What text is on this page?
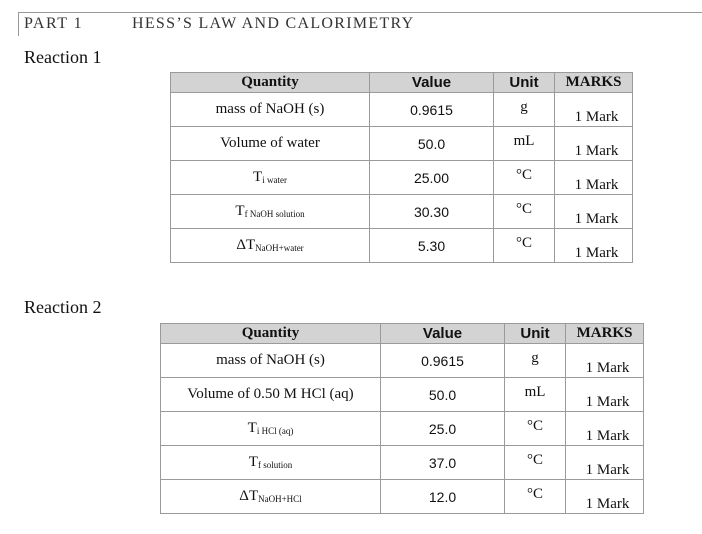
PART 1	HESS’S LAW AND CALORIMETRY
Reaction 1
Quantity	Value	Unit	MARKS
mass of NaOH (s)	0.9615	g	1 Mark
Volume of water	50.0	mL	1 Mark
$T_{i water}$	25.00	°C	1 Mark
$T_{f NaOH solution}$	30.30	°C	1 Mark
$\Delta T_{NaOH+water}$	5.30	°C	1 Mark
Reaction 2
Quantity	Value	Unit	MARKS
mass of NaOH (s)	0.9615	g	1 Mark
Volume of 0.50 M HCl (aq)	50.0	mL	1 Mark
$T_{i HCl (aq)}$	25.0	°C	1 Mark
$T_{f solution}$	37.0	°C	1 Mark
$\Delta T_{NaOH+HCl}$	12.0	°C	1 Mark
